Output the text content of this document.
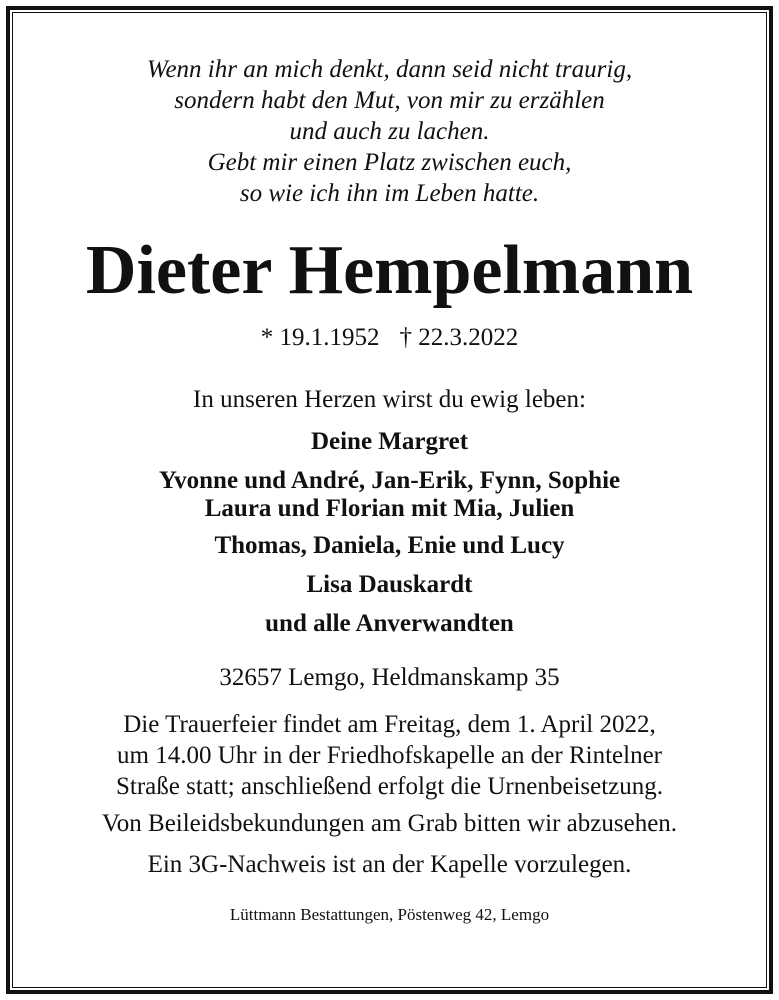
Wenn ihr an mich denkt, dann seid nicht traurig,
sondern habt den Mut, von mir zu erzählen
und auch zu lachen.
Gebt mir einen Platz zwischen euch,
so wie ich ihn im Leben hatte.
Dieter Hempelmann
* 19.1.1952 † 22.3.2022
In unseren Herzen wirst du ewig leben:
Deine Margret
Yvonne und André, Jan-Erik, Fynn, Sophie
Laura und Florian mit Mia, Julien
Thomas, Daniela, Enie und Lucy
Lisa Dauskardt
und alle Anverwandten
32657 Lemgo, Heldmanskamp 35
Die Trauerfeier findet am Freitag, dem 1. April 2022,
um 14.00 Uhr in der Friedhofskapelle an der Rintelner
Straße statt; anschließend erfolgt die Urnenbeisetzung.
Von Beileidsbekundungen am Grab bitten wir abzusehen.
Ein 3G-Nachweis ist an der Kapelle vorzulegen.
Lüttmann Bestattungen, Pöstenweg 42, Lemgo
